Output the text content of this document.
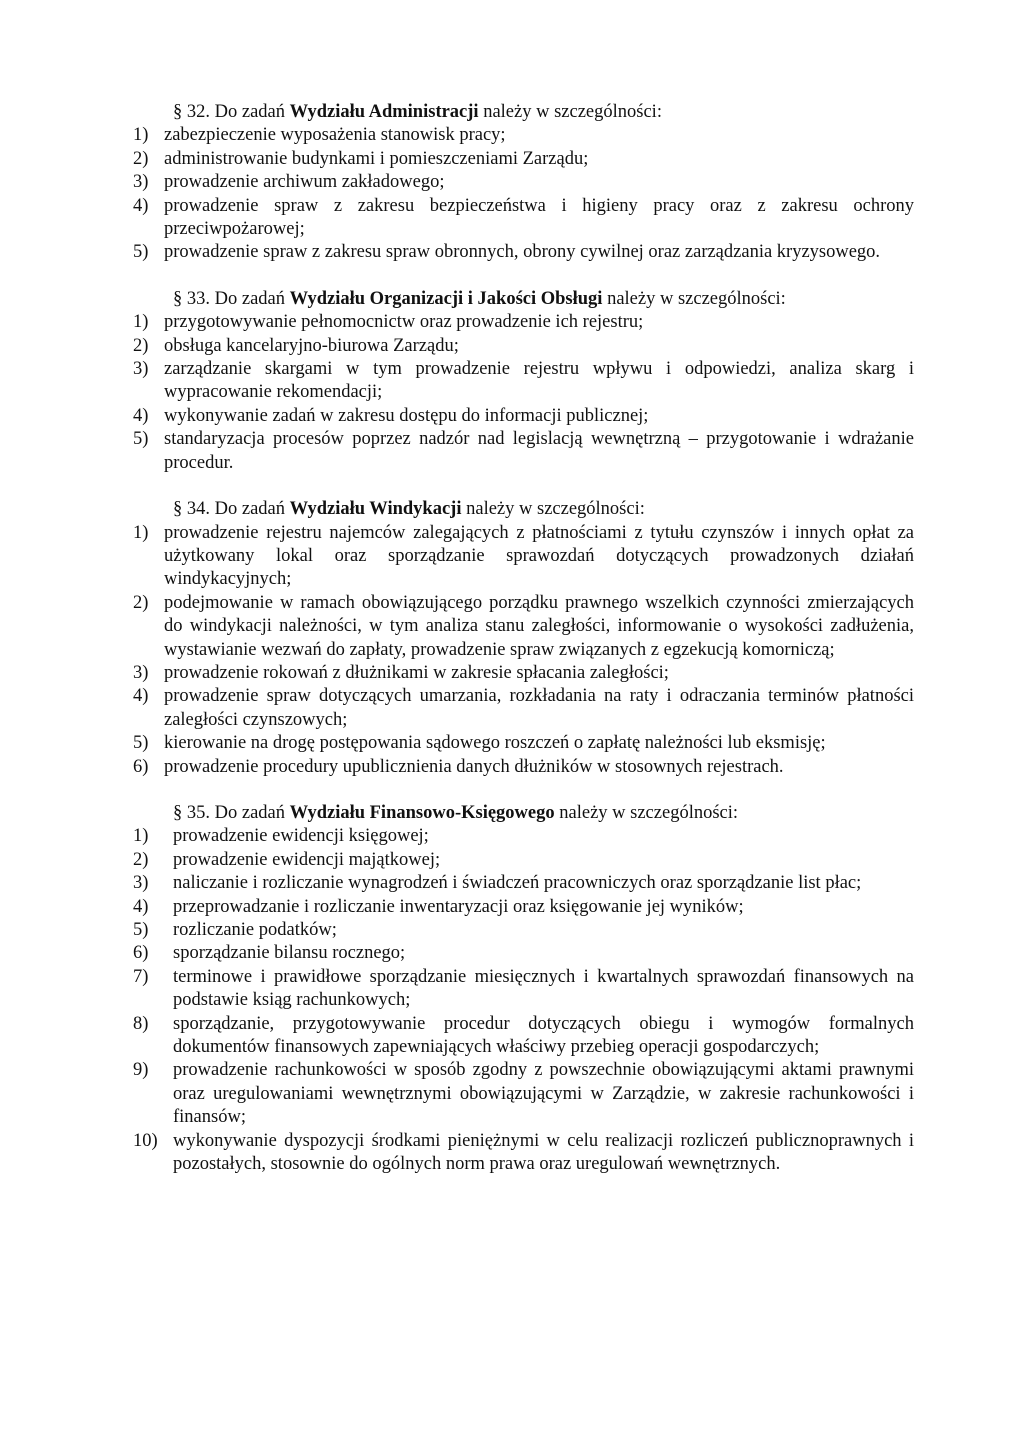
§ 32. Do zadań Wydziału Administracji należy w szczególności:

1) zabezpieczenie wyposażenia stanowisk pracy;
2) administrowanie budynkami i pomieszczeniami Zarządu;
3) prowadzenie archiwum zakładowego;
4) prowadzenie spraw z zakresu bezpieczeństwa i higieny pracy oraz z zakresu ochrony przeciwpożarowej;
5) prowadzenie spraw z zakresu spraw obronnych, obrony cywilnej oraz zarządzania kryzysowego.

§ 33. Do zadań Wydziału Organizacji i Jakości Obsługi należy w szczególności:

1) przygotowywanie pełnomocnictw oraz prowadzenie ich rejestru;
2) obsługa kancelaryjno-biurowa Zarządu;
3) zarządzanie skargami w tym prowadzenie rejestru wpływu i odpowiedzi, analiza skarg i wypracowanie rekomendacji;
4) wykonywanie zadań w zakresu dostępu do informacji publicznej;
5) standaryzacja procesów poprzez nadzór nad legislacją wewnętrzną – przygotowanie i wdrażanie procedur.

§ 34. Do zadań Wydziału Windykacji należy w szczególności:

1) prowadzenie rejestru najemców zalegających z płatnościami z tytułu czynszów i innych opłat za użytkowany lokal oraz sporządzanie sprawozdań dotyczących prowadzonych działań windykacyjnych;
2) podejmowanie w ramach obowiązującego porządku prawnego wszelkich czynności zmierzających do windykacji należności, w tym analiza stanu zaległości, informowanie o wysokości zadłużenia, wystawianie wezwań do zapłaty, prowadzenie spraw związanych z egzekucją komorniczą;
3) prowadzenie rokowań z dłużnikami w zakresie spłacania zaległości;
4) prowadzenie spraw dotyczących umarzania, rozkładania na raty i odraczania terminów płatności zaległości czynszowych;
5) kierowanie na drogę postępowania sądowego roszczeń o zapłatę należności lub eksmisję;
6) prowadzenie procedury upublicznienia danych dłużników w stosownych rejestrach.

§ 35. Do zadań Wydziału Finansowo-Księgowego należy w szczególności:

1) prowadzenie ewidencji księgowej;
2) prowadzenie ewidencji majątkowej;
3) naliczanie i rozliczanie wynagrodzeń i świadczeń pracowniczych oraz sporządzanie list płac;
4) przeprowadzanie i rozliczanie inwentaryzacji oraz księgowanie jej wyników;
5) rozliczanie podatków;
6) sporządzanie bilansu rocznego;
7) terminowe i prawidłowe sporządzanie miesięcznych i kwartalnych sprawozdań finansowych na podstawie ksiąg rachunkowych;
8) sporządzanie, przygotowywanie procedur dotyczących obiegu i wymogów formalnych dokumentów finansowych zapewniających właściwy przebieg operacji gospodarczych;
9) prowadzenie rachunkowości w sposób zgodny z powszechnie obowiązującymi aktami prawnymi oraz uregulowaniami wewnętrznymi obowiązującymi w Zarządzie, w zakresie rachunkowości i finansów;
10) wykonywanie dyspozycji środkami pieniężnymi w celu realizacji rozliczeń publicznoprawnych i pozostałych, stosownie do ogólnych norm prawa oraz uregulowań wewnętrznych.
